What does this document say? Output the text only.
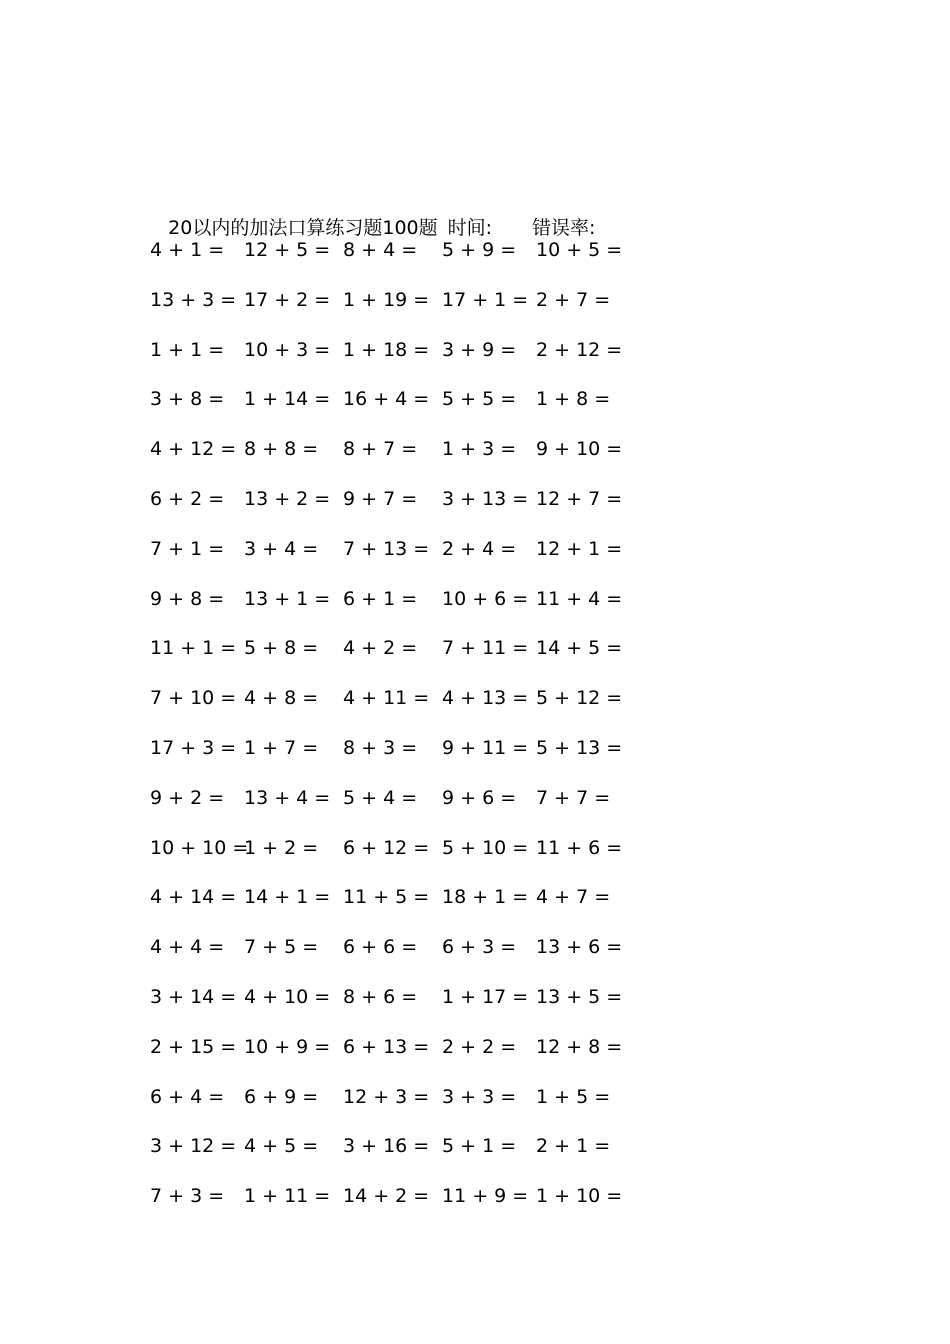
20以内的加法口算练习题100题 时间: 错误率:

4 + 1 = 12 + 5 = 8 + 4 = 5 + 9 = 10 + 5 =
13 + 3 = 17 + 2 = 1 + 19 = 17 + 1 = 2 + 7 =
1 + 1 = 10 + 3 = 1 + 18 = 3 + 9 = 2 + 12 =
3 + 8 = 1 + 14 = 16 + 4 = 5 + 5 = 1 + 8 =
4 + 12 = 8 + 8 = 8 + 7 = 1 + 3 = 9 + 10 =
6 + 2 = 13 + 2 = 9 + 7 = 3 + 13 = 12 + 7 =
7 + 1 = 3 + 4 = 7 + 13 = 2 + 4 = 12 + 1 =
9 + 8 = 13 + 1 = 6 + 1 = 10 + 6 = 11 + 4 =
11 + 1 = 5 + 8 = 4 + 2 = 7 + 11 = 14 + 5 =
7 + 10 = 4 + 8 = 4 + 11 = 4 + 13 = 5 + 12 =
17 + 3 = 1 + 7 = 8 + 3 = 9 + 11 = 5 + 13 =
9 + 2 = 13 + 4 = 5 + 4 = 9 + 6 = 7 + 7 =
10 + 10 =
1 + 2 = 6 + 12 = 5 + 10 = 11 + 6 =
4 + 14 = 14 + 1 = 11 + 5 = 18 + 1 = 4 + 7 =
4 + 4 = 7 + 5 = 6 + 6 = 6 + 3 = 13 + 6 =
3 + 14 = 4 + 10 = 8 + 6 = 1 + 17 = 13 + 5 =
2 + 15 = 10 + 9 = 6 + 13 = 2 + 2 = 12 + 8 =
6 + 4 = 6 + 9 = 12 + 3 = 3 + 3 = 1 + 5 =
3 + 12 = 4 + 5 = 3 + 16 = 5 + 1 = 2 + 1 =
7 + 3 = 1 + 11 = 14 + 2 = 11 + 9 = 1 + 10 =
